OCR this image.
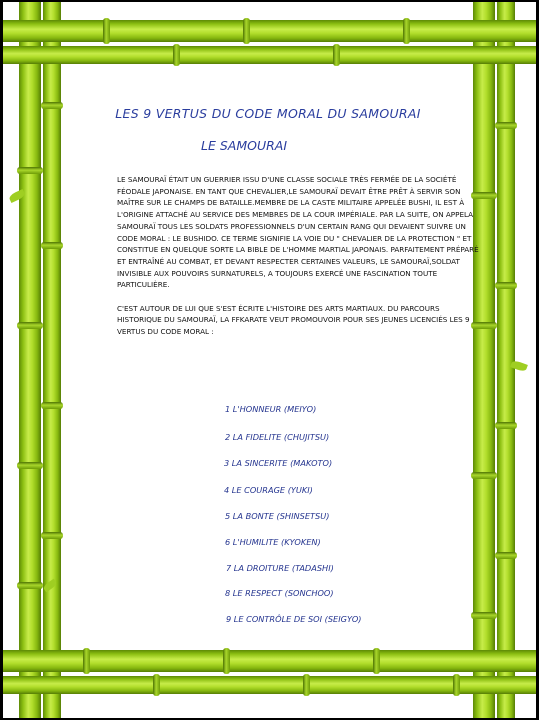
LES 9 VERTUS DU CODE MORAL DU SAMOURAI
LE SAMOURAI

LE SAMOURAÏ ÉTAIT UN GUERRIER ISSU D'UNE CLASSE SOCIALE TRÈS FERMÉE DE LA SOCIÉTÉ FÉODALE JAPONAISE. EN TANT QUE CHEVALIER,LE SAMOURAÏ DEVAIT ÊTRE PRÊT À SERVIR SON MAÎTRE SUR LE CHAMPS DE BATAILLE.MEMBRE DE LA CASTE MILITAIRE APPELÉE BUSHI, IL EST À L'ORIGINE ATTACHÉ AU SERVICE DES MEMBRES DE LA COUR IMPÉRIALE. PAR LA SUITE, ON APPELA SAMOURAÏ TOUS LES SOLDATS PROFESSIONNELS D'UN CERTAIN RANG QUI DEVAIENT SUIVRE UN CODE MORAL : LE BUSHIDO. CE TERME SIGNIFIE LA VOIE DU " CHEVALIER DE LA PROTECTION " ET CONSTITUE EN QUELQUE SORTE LA BIBLE DE L'HOMME MARTIAL JAPONAIS. PARFAITEMENT PRÉPARÉ ET ENTRAÎNÉ AU COMBAT, ET DEVANT RESPECTER CERTAINES VALEURS, LE SAMOURAÏ,SOLDAT INVISIBLE AUX POUVOIRS SURNATURELS, A TOUJOURS EXERCÉ UNE FASCINATION TOUTE PARTICULIÈRE.

C'EST AUTOUR DE LUI QUE S'EST ÉCRITE L'HISTOIRE DES ARTS MARTIAUX. DU PARCOURS HISTORIQUE DU SAMOURAÏ, LA FFKARATE VEUT PROMOUVOIR POUR SES JEUNES LICENCIÉS LES 9 VERTUS DU CODE MORAL :

1 L'HONNEUR (MEIYO)
2 LA FIDELITE (CHUJITSU)
3 LA SINCERITE (MAKOTO)
4 LE COURAGE (YUKI)
5 LA BONTE (SHINSETSU)
6 L'HUMILITE (KYOKEN)
7 LA DROITURE (TADASHI)
8 LE RESPECT (SONCHOO)
9 LE CONTRÔLE DE SOI (SEIGYO)
